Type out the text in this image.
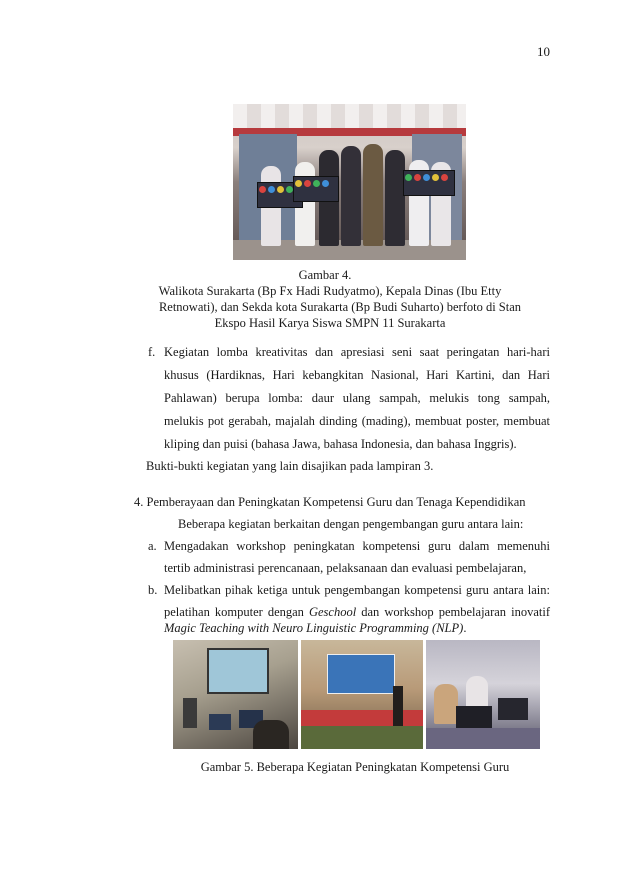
10
Gambar 4.
Walikota Surakarta (Bp Fx Hadi Rudyatmo), Kepala Dinas (Ibu Etty
Retnowati), dan Sekda kota Surakarta (Bp Budi Suharto) berfoto di Stan
Ekspo Hasil Karya Siswa SMPN 11 Surakarta
f. Kegiatan lomba kreativitas dan apresiasi seni saat peringatan hari-hari
khusus (Hardiknas, Hari kebangkitan Nasional, Hari Kartini, dan Hari
Pahlawan) berupa lomba: daur ulang sampah, melukis tong sampah,
melukis pot gerabah, majalah dinding (mading), membuat poster, membuat
kliping dan puisi (bahasa Jawa, bahasa Indonesia, dan bahasa Inggris).
Bukti-bukti kegiatan yang lain disajikan pada lampiran 3.
4. Pemberayaan dan Peningkatan Kompetensi Guru dan Tenaga Kependidikan
Beberapa kegiatan berkaitan dengan pengembangan guru antara lain:
a. Mengadakan workshop peningkatan kompetensi guru dalam memenuhi
tertib administrasi perencanaan, pelaksanaan dan evaluasi pembelajaran,
b. Melibatkan pihak ketiga untuk pengembangan kompetensi guru antara lain:
pelatihan komputer dengan Geschool dan workshop pembelajaran inovatif
Magic Teaching with Neuro Linguistic Programming (NLP).
Gambar 5. Beberapa Kegiatan Peningkatan Kompetensi Guru
